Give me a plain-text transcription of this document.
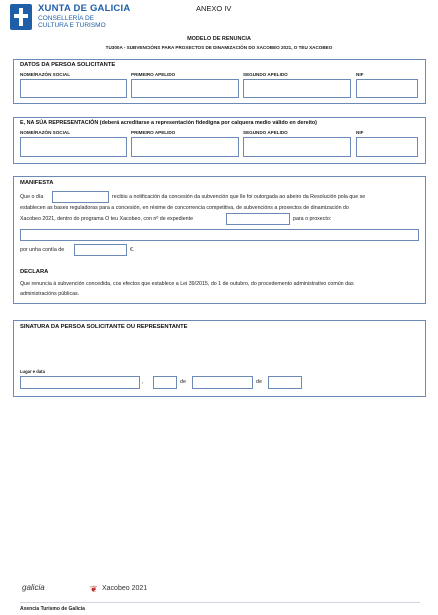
XUNTA DE GALICIA
CONSELLERÍA DE
CULTURA E TURISMO
ANEXO IV
MODELO DE RENUNCIA
TU300A - SUBVENCIÓNS PARA PROXECTOS DE DINAMIZACIÓN DO XACOBEO 2021, O TEU XACOBEO
DATOS DA PERSOA SOLICITANTE
NOME/RAZÓN SOCIAL	PRIMEIRO APELIDO	SEGUNDO APELIDO	NIF
E, NA SÚA REPRESENTACIÓN (deberá acreditarse a representación fidedigna por calquera medio válido en dereito)
NOME/RAZÓN SOCIAL	PRIMEIRO APELIDO	SEGUNDO APELIDO	NIF
MANIFESTA
Que o día	recibiu a notificación da concesión da subvención que lle foi outorgada ao abeiro da Resolución pola que se
establecen as bases reguladoras para a concesión, en réxime de concorrencia competitiva, de subvencións a proxectos de dinamización do
Xacobeo 2021, dentro do programa O teu Xacobeo, con nº de expediente	para o proxecto:
por unha contía de	€.
DECLARA
Que renuncia á subvención concedida, cos efectos que establece a Lei 39/2015, do 1 de outubro, do procedemento administrativo común das
administracións públicas.
SINATURA DA PERSOA SOLICITANTE OU REPRESENTANTE
Lugar e data
,	de	de
galicia	❦ Xacobeo 2021
Axencia Turismo de Galicia
